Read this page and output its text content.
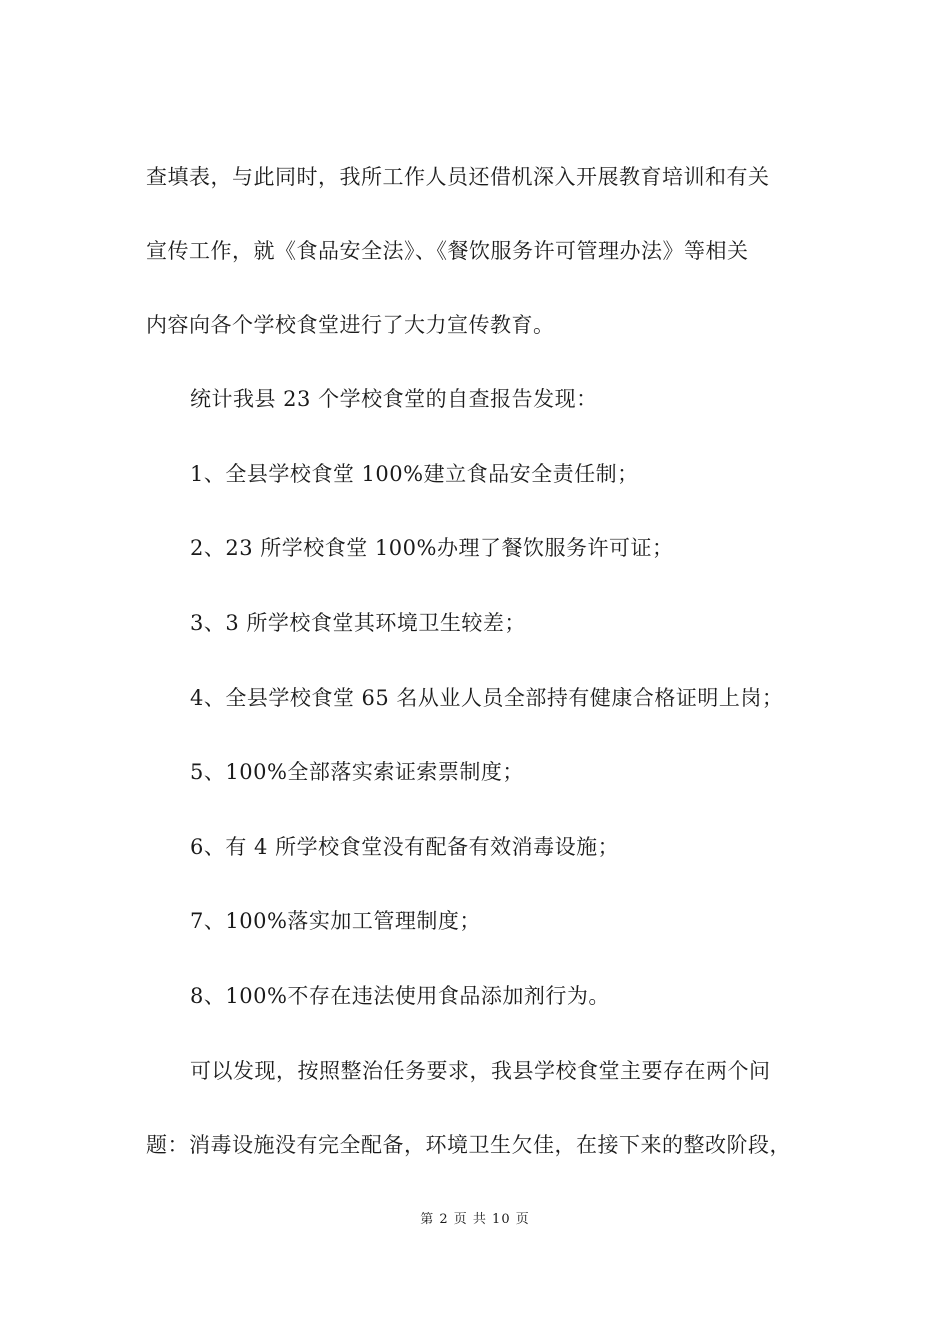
查填表，与此同时，我所工作人员还借机深入开展教育培训和有关

宣传工作，就《食品安全法》、《餐饮服务许可管理办法》等相关

内容向各个学校食堂进行了大力宣传教育。

统计我县 23 个学校食堂的自查报告发现：

1、全县学校食堂 100%建立食品安全责任制；

2、23 所学校食堂 100%办理了餐饮服务许可证；

3、3 所学校食堂其环境卫生较差；

4、全县学校食堂 65 名从业人员全部持有健康合格证明上岗；

5、100%全部落实索证索票制度；

6、有 4 所学校食堂没有配备有效消毒设施；

7、100%落实加工管理制度；

8、100%不存在违法使用食品添加剂行为。

可以发现，按照整治任务要求，我县学校食堂主要存在两个问

题：消毒设施没有完全配备，环境卫生欠佳，在接下来的整改阶段，

第 2 页 共 10 页
